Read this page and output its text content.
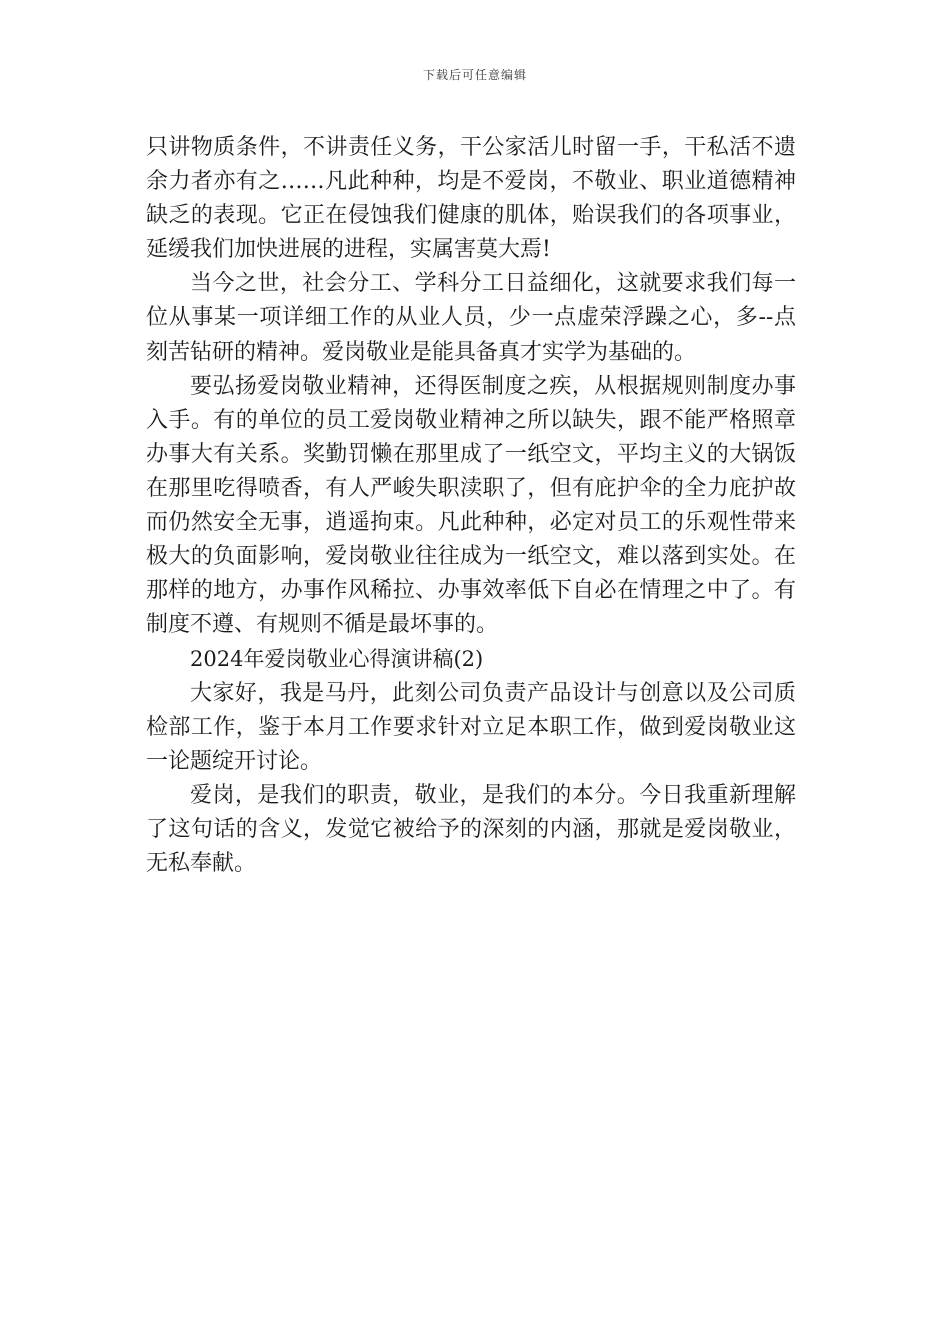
下载后可任意编辑

只讲物质条件，不讲责任义务，干公家活儿时留一手，干私活不遗余力者亦有之……凡此种种，均是不爱岗，不敬业、职业道德精神缺乏的表现。它正在侵蚀我们健康的肌体，贻误我们的各项事业，延缓我们加快进展的进程，实属害莫大焉!

当今之世，社会分工、学科分工日益细化，这就要求我们每一位从事某一项详细工作的从业人员，少一点虚荣浮躁之心，多--点刻苦钻研的精神。爱岗敬业是能具备真才实学为基础的。

要弘扬爱岗敬业精神，还得医制度之疾，从根据规则制度办事入手。有的单位的员工爱岗敬业精神之所以缺失，跟不能严格照章办事大有关系。奖勤罚懒在那里成了一纸空文，平均主义的大锅饭在那里吃得喷香，有人严峻失职渎职了，但有庇护伞的全力庇护故而仍然安全无事，逍遥拘束。凡此种种，必定对员工的乐观性带来极大的负面影响，爱岗敬业往往成为一纸空文，难以落到实处。在那样的地方，办事作风稀拉、办事效率低下自必在情理之中了。有制度不遵、有规则不循是最坏事的。

2024年爱岗敬业心得演讲稿(2)

大家好，我是马丹，此刻公司负责产品设计与创意以及公司质检部工作，鉴于本月工作要求针对立足本职工作，做到爱岗敬业这一论题绽开讨论。

爱岗，是我们的职责，敬业，是我们的本分。今日我重新理解了这句话的含义，发觉它被给予的深刻的内涵，那就是爱岗敬业，无私奉献。
